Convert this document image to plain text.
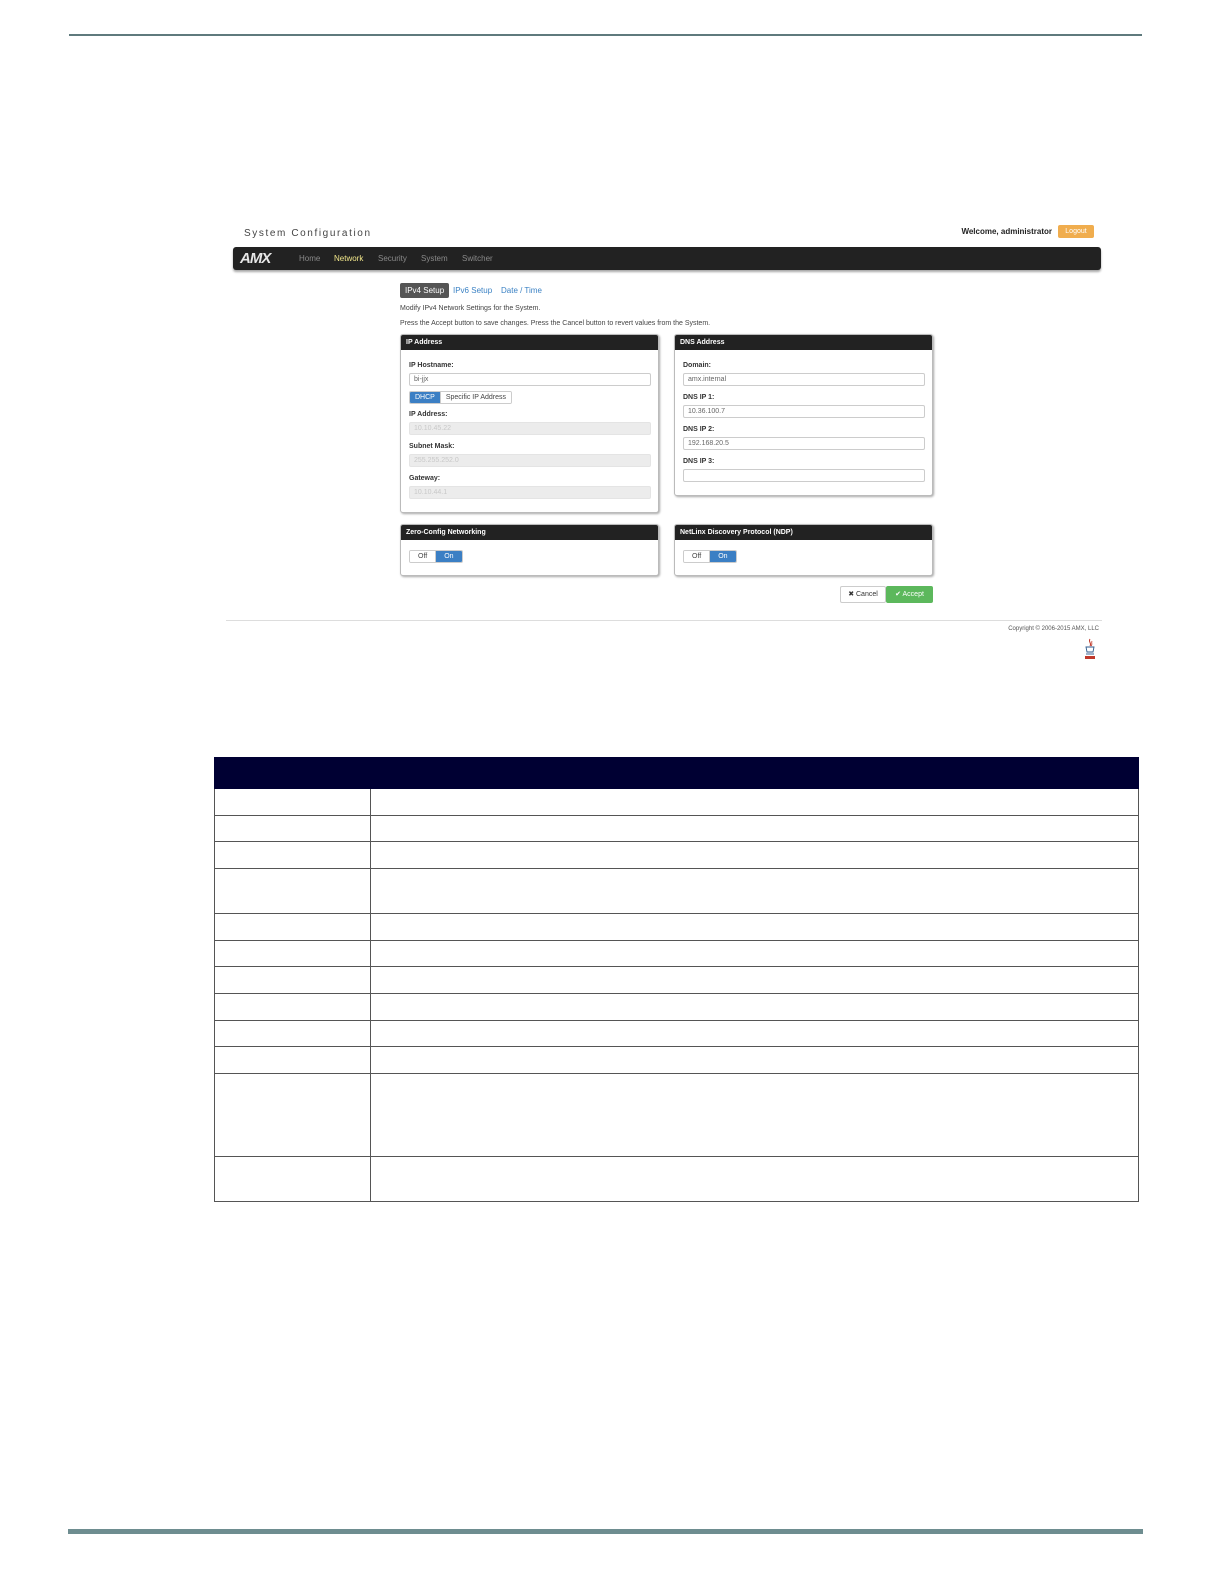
System Configuration	Welcome, administrator	Logout
AMX	Home Network Security System Switcher
IPv4 Setup	IPv6 Setup Date / Time
Modify IPv4 Network Settings for the System.
Press the Accept button to save changes. Press the Cancel button to revert values from the System.
IP Address
IP Hostname:
bi-jjx
DHCP	Specific IP Address
IP Address:
10.10.45.22
Subnet Mask:
255.255.252.0
Gateway:
10.10.44.1
DNS Address
Domain:
amx.internal
DNS IP 1:
10.36.100.7
DNS IP 2:
192.168.20.5
DNS IP 3:
Zero-Config Networking
Off	On
NetLinx Discovery Protocol (NDP)
Off	On
✖ Cancel	✔ Accept
Copyright © 2006-2015 AMX, LLC
